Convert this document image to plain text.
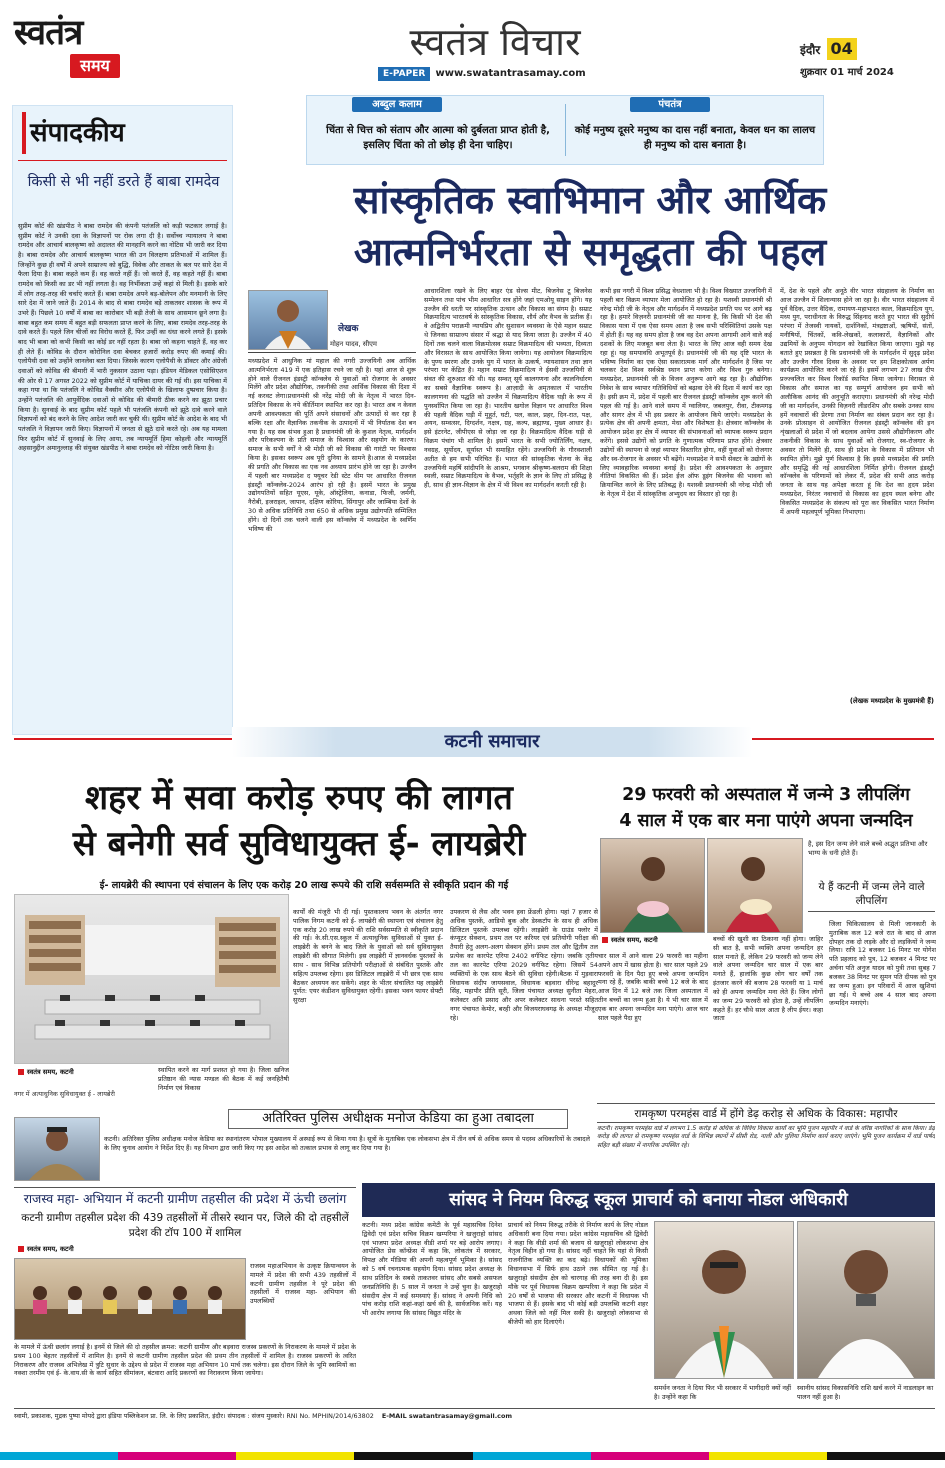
स्वतंत्र
समय
स्वतंत्र विचार
E-PAPER www.swatantrasamay.com
इंदौर 04
शुक्रवार 01 मार्च 2024
संपादकीय
किसी से भी नहीं डरते हैं बाबा रामदेव
सुप्रीम कोर्ट की खंडपीठ ने बाबा रामदेव की कंपनी पतंजलि को कड़ी फटकार लगाई है। सुप्रीम कोर्ट ने उनकी दवा के विज्ञापनों पर रोक लगा दी है। सर्वोच्च न्यायालय ने बाबा रामदेव और आचार्य बालकृष्ण को अदालत की मानहानि करने का नोटिस भी जारी कर दिया है। बाबा रामदेव और आचार्य बालकृष्ण भारत की उन विलक्षण प्रतिभाओं में शामिल हैं। जिन्होंने कुछ ही वर्षों में अपने साम्राज्य को बुद्धि, विवेक और ताकत के बल पर सारे देश में फैला दिया है। बाबा कहते कम हैं। वह करते नहीं हैं। जो करते हैं, वह कहते नहीं हैं। बाबा रामदेव को किसी का डर भी नहीं लगता है। वह निर्भीकता उन्हें कहां से मिली है। इसके बारे में लोग तरह-तरह की चर्चाएं करते हैं। बाबा रामदेव अपने बड़-बोलेपन और मनमानी के लिए सारे देश में जाने जाते हैं। 2014 के बाद से बाबा रामदेव बड़े ताकतवर शासक के रूप में उभरे हैं। पिछले 10 वर्षों में बाबा का कारोबार भी बड़ी तेजी के साथ आसमान छूने लगा है। बाबा बहुत कम समय में बहुत बड़ी सफलता प्राप्त करने के लिए, बाबा रामदेव तरह-तरह के दावे करते हैं। पहले जिन चीजों का विरोध करते हैं, फिर उन्हीं का धंधा करने लगते हैं। इसके बाद भी बाबा को कभी किसी का कोई डर नहीं रहता है। बाबा जो कहना चाहते हैं, वह कर ही लेते हैं। कोविड के दौरान कोरोनिल दवा बेचकर हजारों करोड़ रुपए की कमाई की। एलोपैथी दवा को उन्होंने जानलेवा बता दिया। जिसके कारण एलोपैथी के डॉक्टर और अंग्रेजी दवाओं को कोविड की बीमारी में भारी नुकसान उठाना पड़ा। इंडियन मेडिकल एसोसिएशन की ओर से 17 अगस्त 2022 को सुप्रीम कोर्ट में याचिका दायर की गई थी। इस याचिका में कहा गया था कि पतंजलि ने कोविड वैक्सीन और एलोपैथी के खिलाफ दुष्प्रचार किया है। उन्होंने पतंजलि की आयुर्वेदिक दवाओं से कोविड की बीमारी ठीक करने का झूठा प्रचार किया है। सुनवाई के बाद सुप्रीम कोर्ट पहले भी पतंजलि कंपनी को झूठे दावे करने वाले विज्ञापनों को बंद करने के लिए आदेश जारी कर चुकी थी। सुप्रीम कोर्ट के आदेश के बाद भी पतंजलि ने विज्ञापन जारी किए। विज्ञापनों में जनता से झूठे दावे करते रहे। अब यह मामला फिर सुप्रीम कोर्ट में सुनवाई के लिए आया, तब न्यायमूर्ति हिमा कोहली और न्यायमूर्ति अहसानुद्दीन अमानुल्लाह की संयुक्त खंडपीठ ने बाबा रामदेव को नोटिस जारी किया है।
अब्दुल कलाम
चिंता से चित्त को संताप और आत्मा को दुर्बलता प्राप्त होती है, इसलिए चिंता को तो छोड़ ही देना चाहिए।
पंचतंत्र
कोई मनुष्य दूसरे मनुष्य का दास नहीं बनाता, केवल धन का लालच ही मनुष्य को दास बनाता है।
सांस्कृतिक स्वाभिमान और आर्थिक
आत्मनिर्भरता से समृद्धता की पहल
लेखक
मोहन यादव, सीएम
मध्यप्रदेश में आधुनिक मां महाल की नगरी उज्जयिनी अब आर्थिक आत्मनिर्भरता 419 में एक इतिहास रचने जा रही है। यहां आज से शुरू होने वाले रीजनल इंडस्ट्री कॉन्क्लेव से युवाओं को रोजगार के अवसर मिलेंगे और प्रदेश औद्योगिक, तकनीकी तथा आर्थिक विकास की दिशा में नई करवट लेगा।प्रधानमंत्री श्री नरेंद्र मोदी जी के नेतृत्व में भारत दिन-प्रतिदिन विकास के नये कीर्तिमान स्थापित कर रहा है। भारत अब न केवल अपनी आवश्यकता की पूर्ति अपने संसाधनों और उत्पादों से कर रहा है बल्कि रक्षा और वैज्ञानिक तकनीक के उत्पादनों में भी निर्यातक देश बन गया है। यह सब संभव हुआ है प्रधानमंत्री जी के कुशल नेतृत्व, मार्गदर्शन और परिकल्पना के प्रति समाज के विश्वास और सहयोग के कारण। समाज के सभी वर्गों ने श्री मोदी जी को विकास की गारंटी पर विश्वास किया है। इसका स्वरूप अब पूरी दुनिया के सामने है।आज से मध्यप्रदेश की प्रगति और विकास का एक नव अध्याय प्रारंभ होने जा रहा है। उज्जैन में पहली बार मध्यप्रदेश द फ्यूचर रेडी स्टेट थीम पर आधारित रीजनल इंडस्ट्री कॉन्क्लेव-2024 आरंभ हो रही है। इसमें भारत के प्रमुख उद्योगपतियों सहित यूएस, यूके, ऑस्ट्रेलिया, कनाडा, फिजी, जर्मनी, नैरोबी, इजराइल, जापान, दक्षिण कोरिया, सिंगापुर और जाम्बिया देशों के 30 से अधिक प्रतिनिधि तथा 650 से अधिक प्रमुख उद्योगपति सम्मिलित होंगे। दो दिनों तक चलने वाली इस कॉन्क्लेव में मध्यप्रदेश के स्वर्णिम भविष्य की
आधारशिला रखने के लिए बाहर एंड सेल्स मीट, बिजनेस टू बिजनेस सम्मेलन तथा पांच भीम आधारित सत्र होंगे जहां एमओयू साइन होंगे। यह उज्जैन की धरती पर सांस्कृतिक उत्थान और विकास का संगम है। सम्राट विक्रमादित्य भारतवर्ष के सांस्कृतिक विकास, शौर्य और वैभव के प्रतीक हैं। वे अद्वितीय पराक्रमी न्यायप्रिय और सुशासन व्यवस्था के ऐसे महान सम्राट थे जिनका साम्राज्य संसार में श्रद्धा से याद किया जाता है। उज्जैन में 40 दिनों तक चलने वाला विक्रमोत्सव सम्राट विक्रमादित्य की भव्यता, दिव्यता और विरासत के साथ आयोजित किया जायेगा। यह आयोजन विक्रमादित्य के पुण्य स्मरण और उनके युग में भारत के उत्कर्ष, न्यायशासन तथा ज्ञान परंपरा पर केंद्रित है। महान सम्राट विक्रमादित्य ने ईसवी उज्जयिनी से संवत की शुरुआत की थी। यह सम्वत् सूर्य कालगणना और कालनिर्धारण का सबसे वैज्ञानिक स्वरूप है। आज़ादी के अमृतकाल में भारतीय कालगणना की पद्धति को उज्जैन में विक्रमादित्य वैदिक घड़ी के रूप में पुनर्स्थापित किया जा रहा है। भारतीय खगोल विज्ञान पर आधारित विश्व की पहली वैदिक घड़ी में मुहूर्त, घटी, पल, काल, प्रहर, दिन-रात, पक्ष, अयन, सम्वत्सर, दिग्दर्शन, नक्षत्र, ग्रह, कल्प, ब्रह्माण्ड, मुख्य आधार है। इसे इंटरनेट, जीपीएस से जोड़ा जा रहा है। विक्रमादित्य वैदिक घड़ी से विक्रम पंचांग भी शामिल है। इसमें भारत के सभी ज्योतिर्लिंग, नक्षत्र, नवग्रह, सूर्योदय, सूर्यास्त भी समाहित रहेंगे। उज्जयिनी के गौरवशाली अतीत से हम सभी परिचित हैं। भारत की सांस्कृतिक चेतना के केंद्र उज्जयिनी महर्षि सांदीपनि के आश्रम, भगवान श्रीकृष्ण-बलराम की शिक्षा स्थली, सम्राट विक्रमादित्य के वैभव, भर्तृहरि के ज्ञान के लिए तो प्रसिद्ध है ही, साथ ही ज्ञान-विज्ञान के क्षेत्र में भी विश्व का मार्गदर्शन करती रही है।
कभी इस नगरी में विश्व प्रसिद्ध वेधशाला भी है। विश्व विख्यात उज्जयिनी में पहली बार विक्रम व्यापार मेला आयोजित हो रहा है। यशस्वी प्रधानमंत्री श्री नरेन्द्र मोदी जी के नेतृत्व और मार्गदर्शन में मध्यप्रदेश प्रगति पथ पर आगे बढ़ रहा है। हमारे विज़नरी प्रधानमंत्री जी का मानना है, कि किसी भी देश की विकास यात्रा में एक ऐसा समय आता है जब सभी परिस्थितियां उसके पक्ष में होती हैं। यह वह समय होता है जब वह देश अपना आगामी आने वाले कई दशकों के लिए मजबूत बना लेता है। भारत के लिए आज वही समय देख रहा हूं। यह समयावधि अभूतपूर्व है। प्रधानमंत्री जी की यह दृष्टि भारत के भविष्य निर्माण का एक ऐसा सकारात्मक मार्ग और मार्गदर्शन है जिस पर चलकर देश विश्व सर्वश्रेष्ठ स्थान प्राप्त करेगा और विश्व गुरु बनेगा। मध्यप्रदेश, प्रधानमंत्री जी के विजन अनुरूप आगे बढ़ रहा है। औद्योगिक निवेश के साथ व्यापार गतिविधियों को बढ़ावा देने की दिशा में कार्य कर रहा है। इसी क्रम में, प्रदेश में पहली बार रीजनल इंडस्ट्री कॉन्क्लेव शुरू करने की पहल की गई है। आने वाले समय में ग्वालियर, जबलपुर, रीवा, टीकमगढ़ और सागर क्षेत्र में भी इस प्रकार के आयोजन किये जाएंगे। मध्यप्रदेश के प्रत्येक क्षेत्र की अपनी क्षमता, मेधा और विशेषता है। क्षेत्रवार कॉन्क्लेव के आयोजन प्रदेश हर क्षेत्र में व्यापार की संभावनाओं को व्यापक स्वरूप प्रदान करेंगे। इससे उद्योगों को प्रगति के गुणात्मक परिणाम प्राप्त होंगे। क्षेत्रवार उद्योगों की स्थापना से जहां व्यापार विस्तारित होगा, वहीं युवाओं को रोजगार और स्व-रोजगार के अवसर भी बढ़ेंगे। मध्यप्रदेश ने सभी सेक्टर के उद्योगों के लिए व्यावहारिक व्यवस्था बनाई है। प्रदेश की आवश्यकता के अनुसार नीतियां विकसित की हैं। प्रदेश ईज ऑफ डूइंग बिजनेस की भावना को क्रियान्वित करने के लिए प्रतिबद्ध है। यशस्वी प्रधानमंत्री श्री नरेन्द्र मोदी जी के नेतृत्व में देश में सांस्कृतिक अभ्युदय का विस्तार हो रहा है।
में, देश के पहले और अनूठे वीर भारत संग्रहालय के निर्माण का आज उज्जैन में शिलान्यास होने जा रहा है। वीर भारत संग्रहालय में पूर्व वैदिक, उत्तर वैदिक, रामायण-महाभारत काल, विक्रमादित्य युग, मध्य युग, पराधीनता के विरुद्ध सिंहनाद करते हुए भारत की सुदीर्घ परंपरा में तेजस्वी नायकों, दार्शनिकों, मंत्रद्रष्टाओं, ऋषियों, संतों, मनीषियों, चिंतकों, कवि-लेखकों, कलाकारों, वैज्ञानिकों और उद्यमियों के अनुपम योगदान को रेखांकित किया जाएगा। मुझे यह बताते हुए प्रसन्नता है कि प्रधानमंत्री जी के मार्गदर्शन में सुदृढ़ प्रदेश और उज्जैन गौरव दिवस के अवसर पर हम शिक्षकोत्सव अर्पण कार्यक्रम आयोजित करने जा रहे हैं। इसमें लगभग 27 लाख दीप प्रज्ज्वलित कर विश्व रिकॉर्ड स्थापित किया जायेगा। विरासत से विकास और समाज का यह सम्पूर्ण आयोजन हम सभी को अलौकिक आनंद की अनुभूति कराएगा। प्रधानमंत्री श्री नरेन्द्र मोदी जी का मार्गदर्शन, उनकी विज़नरी लीडरशिप और सबके उनका साथ हमें नवाचारों की प्रेरणा तथा निर्माण का संबल प्रदान कर रहा है। उनके प्रोत्साहन से आयोजित रीजनल इंडस्ट्री कॉन्क्लेव की इन शृंखलाओं से प्रदेश में जो बदलाव आयेगा उससे औद्योगीकरण और तकनीकी विकास के साथ युवाओं को रोजगार, स्व-रोजगार के अवसर तो मिलेंगे ही, साथ ही प्रदेश के विकास में प्रतिमान भी स्थापित होंगे। मुझे पूर्ण विश्वास है कि इससे मध्यप्रदेश की प्रगति और समृद्धि की नई आधारशिला निर्मित होगी। रीजनल इंडस्ट्री कॉन्क्लेव के परिणामों को लेकर मैं, प्रदेश की सभी आठ करोड़ जनता के साथ यह अपेक्षा करता हूं कि देश का हृदय प्रदेश मध्यप्रदेश, निरंतर नवाचारों से विकास का हृदय स्थल बनेगा और विकसित मध्यप्रदेश के संकल्प को पूरा कर विकसित भारत निर्माण में अपनी महत्वपूर्ण भूमिका निभाएगा।
(लेखक मध्यप्रदेश के मुख्यमंत्री हैं)
कटनी समाचार
शहर में सवा करोड़ रुपए की लागत
से बनेगी सर्व सुविधायुक्त ई- लायब्रेरी
ई- लायब्रेरी की स्थापना एवं संचालन के लिए एक करोड़ 20 लाख रूपये की राशि सर्वसम्मति से स्वीकृति प्रदान की गई
स्वतंत्र समय, कटनी	स्थापित करने का मार्ग प्रशस्त हो गया है। जिला खनिज प्रतिष्ठान की न्यास मण्डल की बैठक में कई जनहितैषी निर्माण एवं विकास
नगर में अत्याधुनिक सुविधायुक्त ई - लायब्रेरी
कार्यों की मंजूरी भी दी गई। पुस्तकालय भवन के अंतर्गत नगर पालिक निगम कटनी को ई- लायब्रेरी की स्थापना एवं संचालन हेतु एक करोड़ 20 लाख रुपये की राशि सर्वसम्मति से स्वीकृति प्रदान की गई। के.सी.एस.स्कूल में अत्याधुनिक सुविधाओं से युक्त ई- लाइब्रेरी के बनने के बाद जिले के युवाओं को सर्व सुविधायुक्त लाइब्रेरी की सौगात मिलेगी। इस लाइब्रेरी में ज्ञानवर्धक पुस्तकों के साथ - साथ विभिन्न प्रतियोगी परीक्षाओं से संबंधित पुस्तकें और सहित्य उपलब्ध रहेगा। इस डिजिटल लाइब्रेरी में भी छात्र एक साथ बैठकर अध्ययन कर सकेंगे। शहर के भीतर संचालित यह लाइब्रेरी पूर्णत: एयर कंडीशन सुविधायुक्त रहेगी। इसका भवन फायर सेफ्टी सुरक्षा
उपकरण से लैस और भवन हवा फ्रेंडली होगा। यहां 7 हजार से अधिक पुस्तकें, आडियो बुक और डेस्कटॉप के साथ ही अधिक डिजिटल पुस्तकें उपलब्ध रहेंगी। लाइब्रेरी के ग्राउंड फ्लोर में कंप्यूटर सेक्शन, प्रथम तल पर करियर एवं प्रतियोगी परीक्षा की तैयारी हेतु अलग-अलग सेक्शन होंगे। प्रथम तल और द्वितीय तल प्रत्येक का कारपेट एरिया 2402 वर्गफिट रहेगा। जबकि तृतीय तल का कारपेट एरिया 2029 वर्गफिट रहेगा। जिसमें 54 व्यक्तियों के एक साथ बैठने की सुविधा रहेगी।बैठक में मुड़वारा विधायक संदीप जायसवाल, विधायक बड़वारा धीरेन्द्र बहादुर सिंह, महापौर प्रीति सूरी, जिला पंचायत अध्यक्ष सुनीता मेहरा, कलेक्टर अवि प्रसाद और अपर कलेक्टर साधना परस्ते सहित नगर पंचायत केमोर, बरही और विजयराघवगढ़ के अध्यक्ष मौजूद रहे।
29 फरवरी को अस्पताल में जन्मे 3 लीपलिंग
4 साल में एक बार मना पाएंगे अपना जन्मदिन
है, इस दिन जन्म लेने वाले बच्चे अद्भुत प्रतिभा और भाग्य के धनी होते हैं।
ये हैं कटनी में जन्म लेने वाले लीपलिंग
स्वतंत्र समय, कटनी
चार साल में आने वाला 29 फरवरी का महीना अपने आप में खास होता है। चार साल पहले 29 फरवरी के दिन पैदा हुए बच्चे अपना जन्मदिन मना रहे हैं, जबकि बाकी बच्चे 12 बजे के बाद आज दिन में 12 बजे तक जिला अस्पताल में तीन बच्चों का जन्म हुआ है। ये भी चार साल में एक बार अपना जन्मदिन मना पाएंगे। आज चार साल पहले पैदा हुए
बच्चों की खुशी का ठिकाना नहीं होगा। जाहिर सी बात है, सभी व्यक्ति अपना जन्मदिन हर साल मनाते हैं, लेकिन 29 फरवरी को जन्म लेने वाले अपना जन्मदिन चार साल में एक बार मनाते हैं, हालांकि कुछ लोग चार वर्षों तक इंतजार करने की बजाय 28 फरवरी या 1 मार्च को ही अपना जन्मदिन मना लेते हैं। जिन लोगों का जन्म 29 फरवरी को होता है, उन्हें लीपलिंग कहते हैं। हर चौथे साल आता है लीप ईयर। कहा जाता
जिला चिकित्सालय से मिली जानकारी के मुताबिक कल 12 बजे रात के बाद से आज दोपहर तक दो लड़के और दो लड़कियों ने जन्म लिया। रात्रि 12 बजकर 16 मिनट पर योगेश पति प्रहलाद को पुत्र, 12 बजकर 4 मिनट पर अर्चना पति अनुज यादव को पुत्री तथा सुबह 7 बजकर 38 मिनट पर सुमन पति दीपक को पुत्र का जन्म हुआ। इन परिवारों में आज खुशियां छा गईं। ये बच्चे अब 4 साल बाद अपना जन्मदिन मनाएंगे।
रामकृष्ण परमहंस वार्ड में होंगे डेढ़ करोड़ से अधिक के विकास: महापौर
कटनी। रामकृष्ण परमहंस वार्ड में लगभग 1.5 करोड़ से अधिक के विविध विकास कार्यों का भूमि पूजन महापौर ने वार्ड के वरिष्ठ नागरिकों के साथ किया। डेढ़ करोड़ की लागत से रामकृष्ण परमहंस वार्ड के विभिन्न स्थानों में सीसी रोड, नाली और पुलिया निर्माण कार्य कराए जाएंगे। भूमि पूजन कार्यक्रम में वार्ड पार्षद सहित बड़ी संख्या में नागरिक उपस्थित रहे।
अतिरिक्त पुलिस अधीक्षक मनोज केडिया का हुआ तबादला
कटनी। अतिरिक्त पुलिस अधीक्षक मनोज केडिया का स्थानांतरण भोपाल मुख्यालय में अस्थाई रूप से किया गया है। सूत्रों के मुताबिक एक लोकसभा क्षेत्र में तीन वर्ष से अधिक समय से पदस्थ अधिकारियों के तबादले के लिए चुनाव आयोग ने निर्देश दिए हैं। यह विभाग द्वारा जारी किए गए इस आदेश को तत्काल प्रभाव से लागू कर दिया गया है।
राजस्व महा- अभियान में कटनी ग्रामीण तहसील की प्रदेश में ऊंची छलांग
कटनी ग्रामीण तहसील प्रदेश की 439 तहसीलों में तीसरे स्थान पर, जिले की दो तहसीलें प्रदेश की टॉप 100 में शामिल
स्वतंत्र समय, कटनी
राजस्व महाअभियान के उत्कृष्ट क्रियान्वयन के मामले में प्रदेश की सभी 439 तहसीलों में कटनी ग्रामीण तहसील ने पूरे प्रदेश की तहसीलों में राजस्व महा- अभियान की उपलब्धियों
के मामले में ऊंची छलांग लगाई है। इनमें से जिले की दो तहसील क्रमश: कटनी ग्रामीण और बड़वारा राजस्व प्रकरणों के निराकरण के मामले में प्रदेश के प्रथम 100 बेहतर तहसीलों में शामिल है। इनमें से कटनी ग्रामीण तहसील प्रदेश की प्रथम तीन तहसीलों में शामिल है। राजस्व प्रकरणों के त्वरित निराकरण और राजस्व अभिलेख में त्रुटि सुधार के उद्देश्य से प्रदेश में राजस्व महा अभियान 10 मार्च तक चलेगा। इस दौरान जिले के भूमि स्वामियों का नक्शा तरमीम एवं ई- के.वाय.सी के कार्य सहित सीमांकन, बंटवारा आदि प्रकरणों का निराकरण किया जायेगा।
सांसद ने नियम विरुद्ध स्कूल प्राचार्य को बनाया नोडल अधिकारी
कटनी। मध्य प्रदेश कांग्रेस कमेटी के पूर्व महासचिव दिनेश द्विवेदी एवं प्रदेश सचिव विक्रम खम्परिया ने खजुराहो सांसद एवं भाजपा प्रदेश अध्यक्ष वीडी शर्मा पर बड़े आरोप लगाए। आयोजित प्रेस कॉन्फ्रेंस में कहा कि, लोकतंत्र में सरकार, विपक्ष और मीडिया की अपनी महत्वपूर्ण भूमिका है। सांसद को 5 वर्ष रचनात्मक सहयोग दिया। सांसद प्रदेश अध्यक्ष के साथ प्रतिदिन के सबसे ताकतवर सांसद और सबसे असफल जनप्रतिनिधि हैं। 5 साल में जनता ने उन्हें चुना है। खजुराहो संसदीय क्षेत्र में कई समस्याएं हैं। सांसद ने अपनी निधि को पांच करोड़ राशि कहां-कहां खर्च की है, सार्वजनिक करें। यह भी आरोप लगाया कि सांसद विद्युत मंदिर के
प्राचार्य को नियम विरुद्ध तरीके से निर्माण कार्य के लिए नोडल अधिकारी बना दिया गया। प्रदेश कांग्रेस महासचिव श्री द्विवेदी ने कहा कि वीडी शर्मा की बजाय से खजुराहो लोकसभा क्षेत्र नेतृत्व विहीन हो गया है। सांसद नहीं चाहते कि यहां से किसी राजनीतिक व्यक्ति का कद बढ़े। विधायकों की भूमिका विधानसभा में सिर्फ हाथ उठाने तक सीमित रह गई है। खजुराहो संसदीय क्षेत्र को चारगाह की तरह बना दी है। इस मौके पर पूर्व विधायक विक्रम खम्परिया ने कहा कि प्रदेश में 20 वर्षों से भाजपा की सरकार और कटनी में विधायक भी भाजपा से हैं। इसके बाद भी कोई बड़ी उपलब्धि कटनी शहर अथवा जिले को नहीं मिल सकी है। खजुराहो लोकसभा से बीजेपी को हार दिलाएंगे।
समर्थन जनता ने दिया फिर भी सरकार में भागीदारी क्यों नहीं है। उन्होंने कहा कि
स्थानीय सांसद विकासनिधि राशि खर्च करने में नाडलाइन का पालन नहीं हुआ है।
स्वामी, प्रकाशक, मुद्रक पुष्पा मोयदे द्वारा इंडिया पब्लिकेशन प्रा. लि. के लिए प्रकाशित, इंदौर। संपादक : संजय मुस्कारे। RNI No. MPHIN/2014/63802 E-MAIL swatantrasamay@gmail.com
